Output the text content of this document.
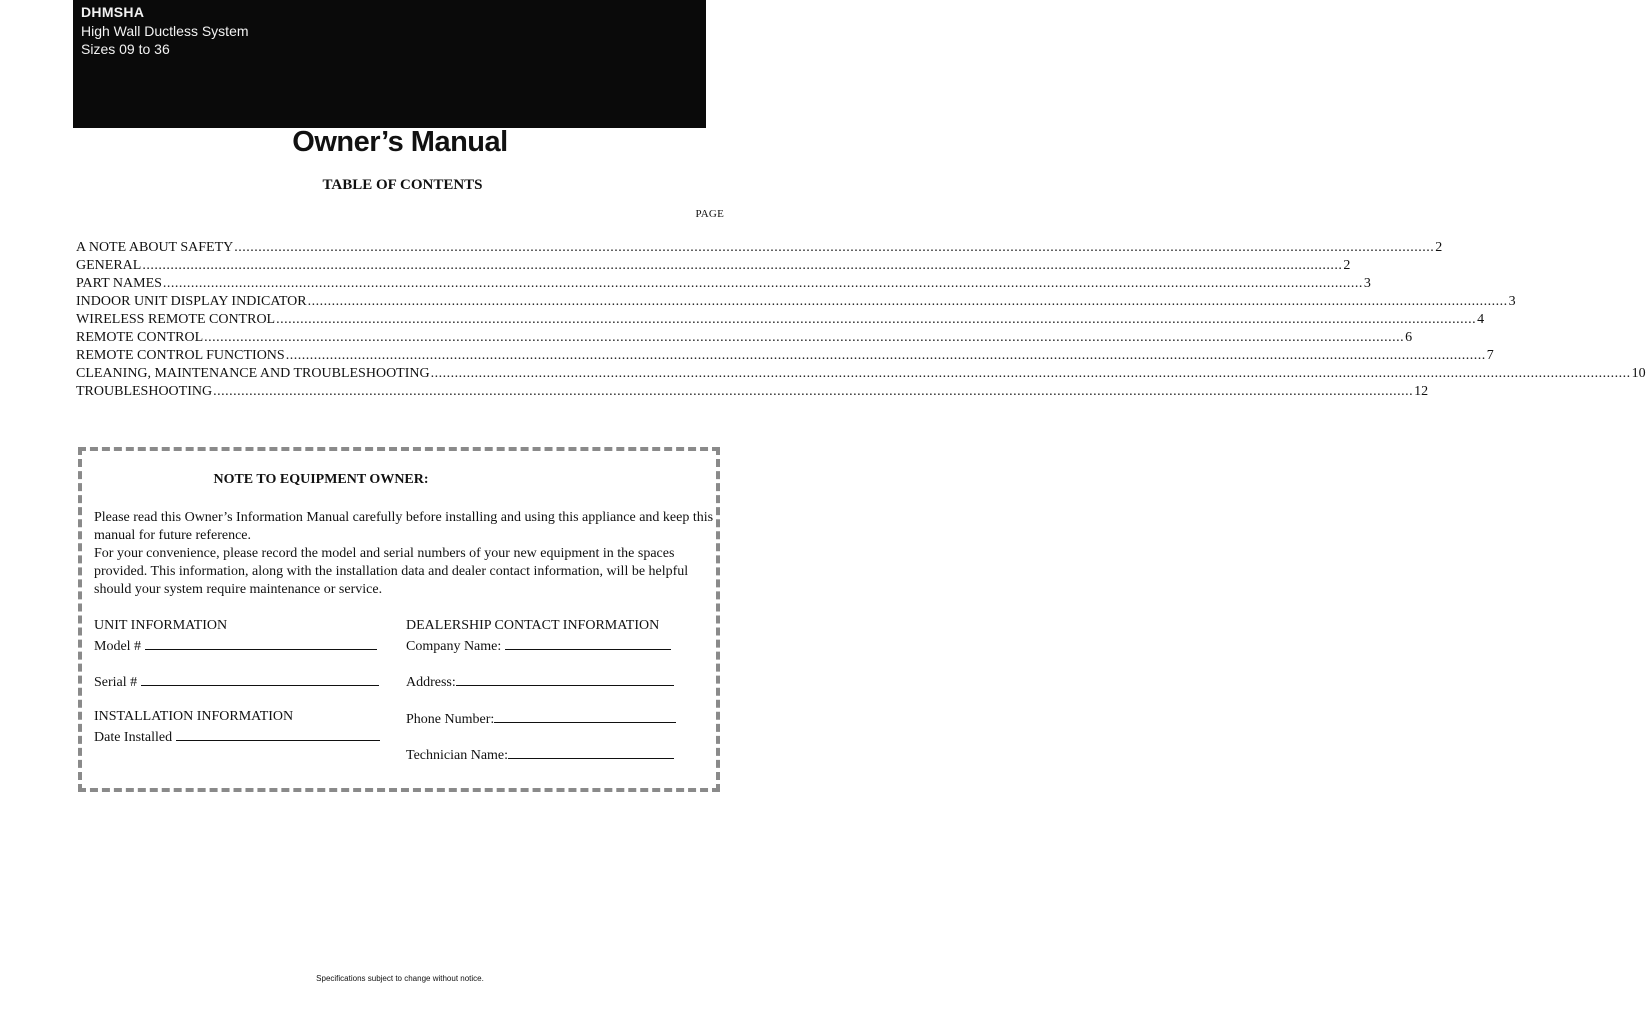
DHMSHA
High Wall Ductless System
Sizes 09 to 36
Owner’s Manual
TABLE OF CONTENTS
PAGE
A NOTE ABOUT SAFETY ............................................................................................................................................................................................................................................................................................................ 2
GENERAL ............................................................................................................................................................................................................................................................................................................ 2
PART NAMES ............................................................................................................................................................................................................................................................................................................ 3
INDOOR UNIT DISPLAY INDICATOR ............................................................................................................................................................................................................................................................................................................ 3
WIRELESS REMOTE CONTROL ............................................................................................................................................................................................................................................................................................................ 4
REMOTE CONTROL ............................................................................................................................................................................................................................................................................................................ 6
REMOTE CONTROL FUNCTIONS ............................................................................................................................................................................................................................................................................................................ 7
CLEANING, MAINTENANCE AND TROUBLESHOOTING ............................................................................................................................................................................................................................................................................................................ 10
TROUBLESHOOTING ............................................................................................................................................................................................................................................................................................................ 12
NOTE TO EQUIPMENT OWNER:

Please read this Owner’s Information Manual carefully before installing and using this appliance and keep this manual for future reference.

For your convenience, please record the model and serial numbers of your new equipment in the spaces provided. This information, along with the installation data and dealer contact information, will be helpful should your system require maintenance or service.

UNIT INFORMATION
Model #
Serial #
INSTALLATION INFORMATION
Date Installed
DEALERSHIP CONTACT INFORMATION
Company Name:
Address:
Phone Number:
Technician Name:
Specifications subject to change without notice.
